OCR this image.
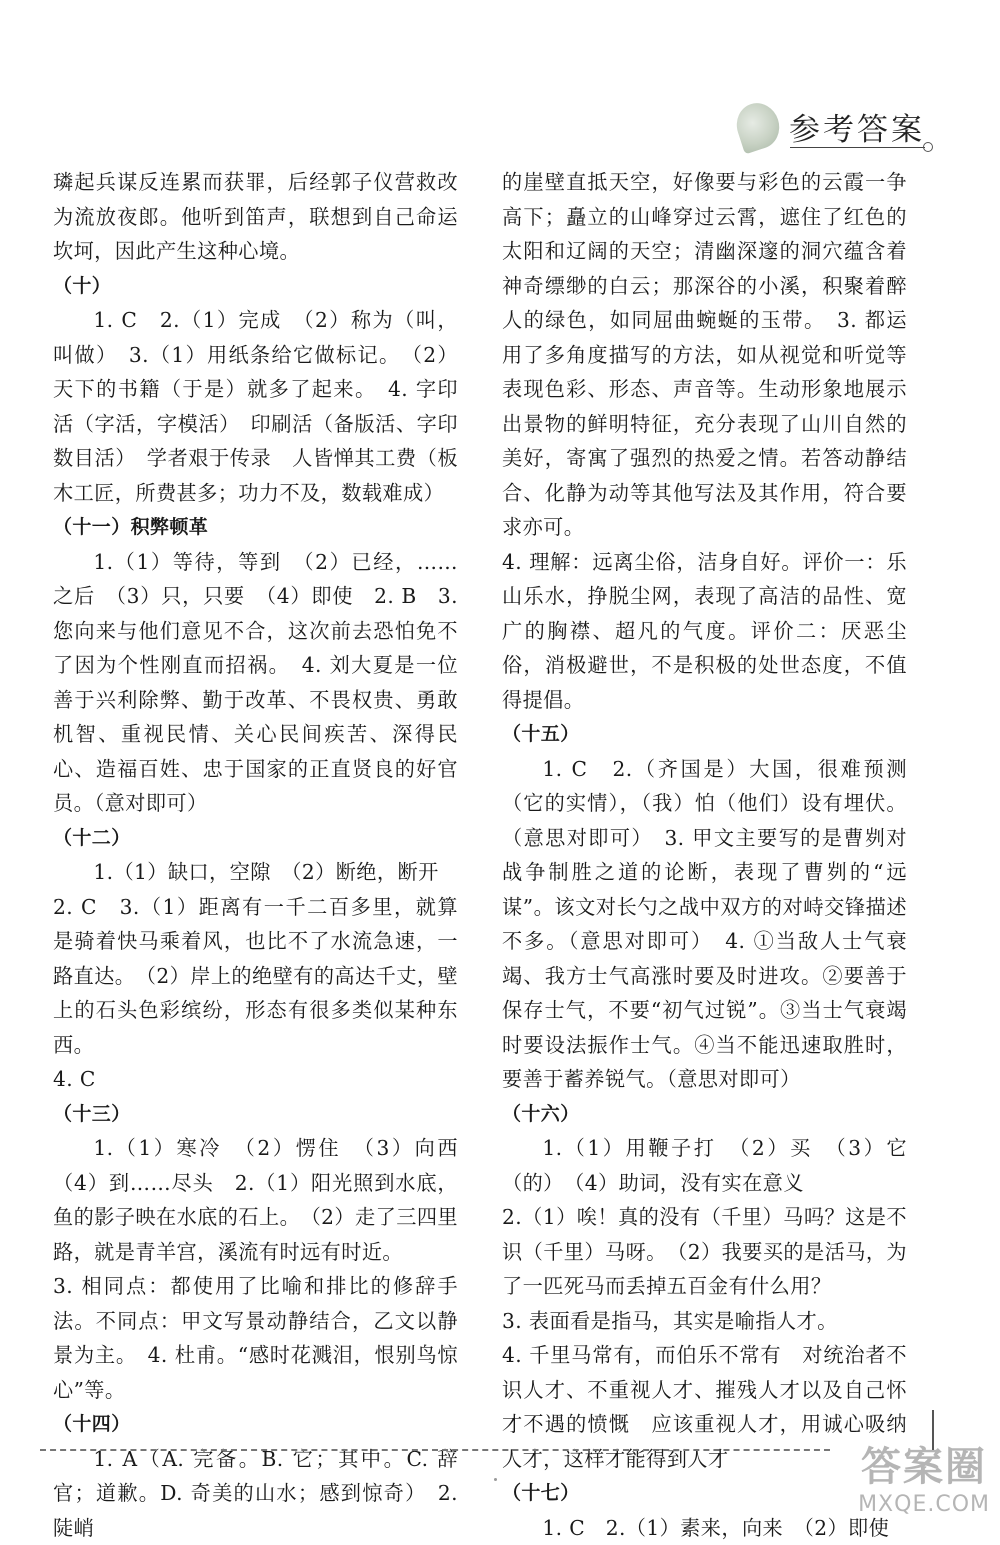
参考答案

璘起兵谋反连累而获罪，后经郭子仪营救改为流放夜郎。他听到笛声，联想到自己命运坎坷，因此产生这种心境。

（十）

1. C　2.（1）完成　（2）称为（叫，叫做）　3.（1）用纸条给它做标记。　（2）天下的书籍（于是）就多了起来。　4. 字印活（字活，字模活）　印刷活（备版活、字印数目活）　学者艰于传录　人皆惮其工费（板木工匠，所费甚多；功力不及，数载难成）

（十一）积弊顿革

1.（1）等待，等到　（2）已经，……之后　（3）只，只要　（4）即使　2. B　3. 您向来与他们意见不合，这次前去恐怕免不了因为个性刚直而招祸。　4. 刘大夏是一位善于兴利除弊、勤于改革、不畏权贵、勇敢机智、重视民情、关心民间疾苦、深得民心、造福百姓、忠于国家的正直贤良的好官员。（意对即可）

（十二）

1.（1）缺口，空隙　（2）断绝，断开

2. C　3.（1）距离有一千二百多里，就算是骑着快马乘着风，也比不了水流急速，一路直达。　（2）岸上的绝壁有的高达千丈，壁上的石头色彩缤纷，形态有很多类似某种东西。

4. C

（十三）

1.（1）寒冷　（2）愣住　（3）向西　（4）到……尽头　2.（1）阳光照到水底，鱼的影子映在水底的石上。　（2）走了三四里路，就是青羊宫，溪流有时远有时近。

3. 相同点：都使用了比喻和排比的修辞手法。不同点：甲文写景动静结合，乙文以静景为主。　4. 杜甫。“感时花溅泪，恨别鸟惊心”等。

（十四）

1. A（A. 完备。B. 它；其中。C. 辞官；道歉。D. 奇美的山水；感到惊奇）　2. 陡峭

的崖壁直抵天空，好像要与彩色的云霞一争高下；矗立的山峰穿过云霄，遮住了红色的太阳和辽阔的天空；清幽深邃的洞穴蕴含着神奇缥缈的白云；那深谷的小溪，积聚着醉人的绿色，如同屈曲蜿蜒的玉带。　3. 都运用了多角度描写的方法，如从视觉和听觉等表现色彩、形态、声音等。生动形象地展示出景物的鲜明特征，充分表现了山川自然的美好，寄寓了强烈的热爱之情。若答动静结合、化静为动等其他写法及其作用，符合要求亦可。

4. 理解：远离尘俗，洁身自好。评价一：乐山乐水，挣脱尘网，表现了高洁的品性、宽广的胸襟、超凡的气度。评价二：厌恶尘俗，消极避世，不是积极的处世态度，不值得提倡。

（十五）

1. C　2.（齐国是）大国，很难预测（它的实情），（我）怕（他们）设有埋伏。（意思对即可）　3. 甲文主要写的是曹刿对战争制胜之道的论断，表现了曹刿的“远谋”。该文对长勺之战中双方的对峙交锋描述不多。（意思对即可）　4. ①当敌人士气衰竭、我方士气高涨时要及时进攻。②要善于保存士气，不要“初气过锐”。③当士气衰竭时要设法振作士气。④当不能迅速取胜时，要善于蓄养锐气。（意思对即可）

（十六）

1.（1）用鞭子打　（2）买　（3）它（的）　（4）助词，没有实在意义

2.（1）唉！真的没有（千里）马吗？这是不识（千里）马呀。　（2）我要买的是活马，为了一匹死马而丢掉五百金有什么用？

3. 表面看是指马，其实是喻指人才。

4. 千里马常有，而伯乐不常有　对统治者不识人才、不重视人才、摧残人才以及自己怀才不遇的愤慨　应该重视人才，用诚心吸纳人才，这样才能得到人才

（十七）

1. C　2.（1）素来，向来　（2）即使

答案圈
MXQE.COM
